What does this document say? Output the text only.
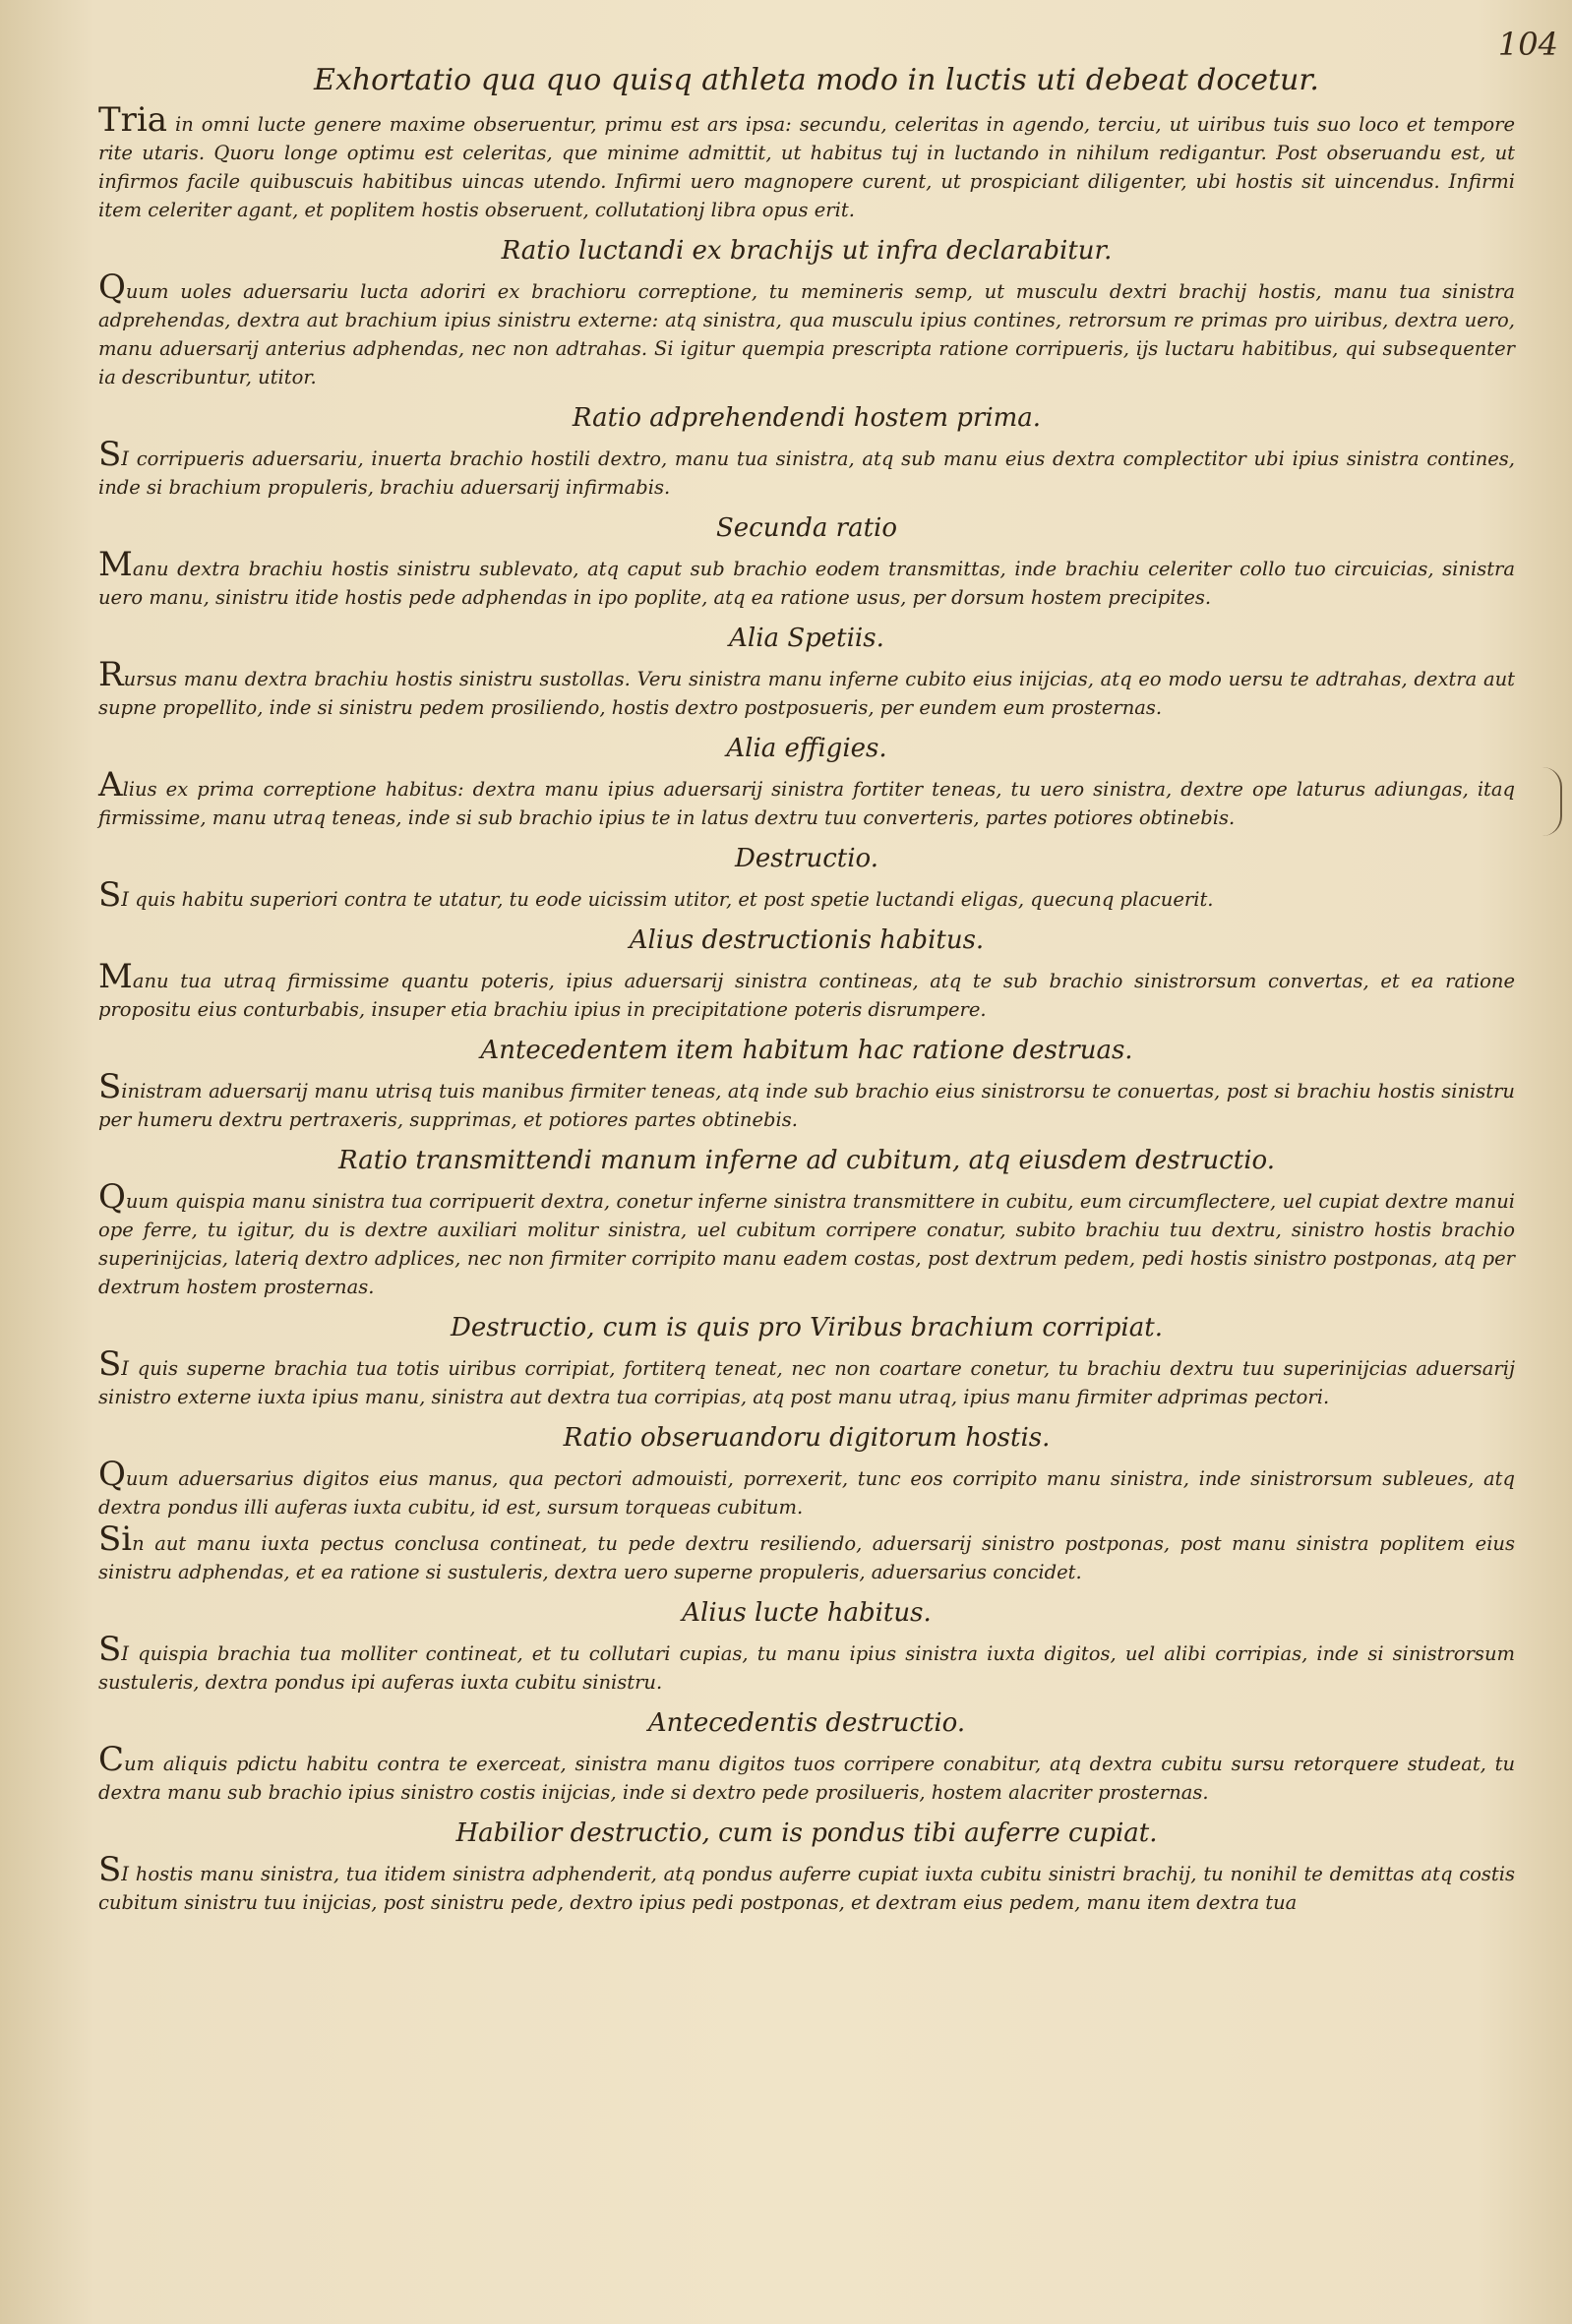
104
Exhortatio qua quo quisq athleta modo in luctis uti debeat docetur.

Tria in omni lucte genere maxime obseruentur, primu est ars ipsa: secundu, celeritas in agendo, terciu, ut uiribus tuis suo loco et tempore rite utaris. Quoru longe optimu est celeritas, que minime admittit, ut habitus tuj in luctando in nihilum redigantur. Post obseruandu est, ut infirmos facile quibuscuis habitibus uincas utendo. Infirmi uero magnopere curent, ut prospiciant diligenter, ubi hostis sit uincendus. Infirmi item celeriter agant, et poplitem hostis obseruent, collutationj libra opus erit.

Ratio luctandi ex brachijs ut infra declarabitur.

Quum uoles aduersariu lucta adoriri ex brachioru correptione, tu memineris semp, ut musculu dextri brachij hostis, manu tua sinistra adprehendas, dextra aut brachium ipius sinistru externe: atq sinistra, qua musculu ipius contines, retrorsum re primas pro uiribus, dextra uero, manu aduersarij anterius adphendas, nec non adtrahas. Si igitur quempia prescripta ratione corripueris, ijs luctaru habitibus, qui subsequenter ia describuntur, utitor.

Ratio adprehendendi hostem prima.

SI corripueris aduersariu, inuerta brachio hostili dextro, manu tua sinistra, atq sub manu eius dextra complectitor ubi ipius sinistra contines, inde si brachium propuleris, brachiu aduersarij infirmabis.

Secunda ratio

Manu dextra brachiu hostis sinistru sublevato, atq caput sub brachio eodem transmittas, inde brachiu celeriter collo tuo circuicias, sinistra uero manu, sinistru itide hostis pede adphendas in ipo poplite, atq ea ratione usus, per dorsum hostem precipites.

Alia Spetiis.

Rursus manu dextra brachiu hostis sinistru sustollas. Veru sinistra manu inferne cubito eius inijcias, atq eo modo uersu te adtrahas, dextra aut supne propellito, inde si sinistru pedem prosiliendo, hostis dextro postposueris, per eundem eum prosternas.

Alia effigies.

Alius ex prima correptione habitus: dextra manu ipius aduersarij sinistra fortiter teneas, tu uero sinistra, dextre ope laturus adiungas, itaq firmissime, manu utraq teneas, inde si sub brachio ipius te in latus dextru tuu converteris, partes potiores obtinebis.

Destructio.

SI quis habitu superiori contra te utatur, tu eode uicissim utitor, et post spetie luctandi eligas, quecunq placuerit.

Alius destructionis habitus.

Manu tua utraq firmissime quantu poteris, ipius aduersarij sinistra contineas, atq te sub brachio sinistrorsum convertas, et ea ratione propositu eius conturbabis, insuper etia brachiu ipius in precipitatione poteris disrumpere.

Antecedentem item habitum hac ratione destruas.

Sinistram aduersarij manu utrisq tuis manibus firmiter teneas, atq inde sub brachio eius sinistrorsu te conuertas, post si brachiu hostis sinistru per humeru dextru pertraxeris, supprimas, et potiores partes obtinebis.

Ratio transmittendi manum inferne ad cubitum, atq eiusdem destructio.

Quum quispia manu sinistra tua corripuerit dextra, conetur inferne sinistra transmittere in cubitu, eum circumflectere, uel cupiat dextre manui ope ferre, tu igitur, du is dextre auxiliari molitur sinistra, uel cubitum corripere conatur, subito brachiu tuu dextru, sinistro hostis brachio superinijcias, lateriq dextro adplices, nec non firmiter corripito manu eadem costas, post dextrum pedem, pedi hostis sinistro postponas, atq per dextrum hostem prosternas.

Destructio, cum is quis pro Viribus brachium corripiat.

SI quis superne brachia tua totis uiribus corripiat, fortiterq teneat, nec non coartare conetur, tu brachiu dextru tuu superinijcias aduersarij sinistro externe iuxta ipius manu, sinistra aut dextra tua corripias, atq post manu utraq, ipius manu firmiter adprimas pectori.

Ratio obseruandoru digitorum hostis.

Quum aduersarius digitos eius manus, qua pectori admouisti, porrexerit, tunc eos corripito manu sinistra, inde sinistrorsum subleues, atq dextra pondus illi auferas iuxta cubitu, id est, sursum torqueas cubitum.

Sin aut manu iuxta pectus conclusa contineat, tu pede dextru resiliendo, aduersarij sinistro postponas, post manu sinistra poplitem eius sinistru adphendas, et ea ratione si sustuleris, dextra uero superne propuleris, aduersarius concidet.

Alius lucte habitus.

SI quispia brachia tua molliter contineat, et tu collutari cupias, tu manu ipius sinistra iuxta digitos, uel alibi corripias, inde si sinistrorsum sustuleris, dextra pondus ipi auferas iuxta cubitu sinistru.

Antecedentis destructio.

Cum aliquis pdictu habitu contra te exerceat, sinistra manu digitos tuos corripere conabitur, atq dextra cubitu sursu retorquere studeat, tu dextra manu sub brachio ipius sinistro costis inijcias, inde si dextro pede prosilueris, hostem alacriter prosternas.

Habilior destructio, cum is pondus tibi auferre cupiat.

SI hostis manu sinistra, tua itidem sinistra adphenderit, atq pondus auferre cupiat iuxta cubitu sinistri brachij, tu nonihil te demittas atq costis cubitum sinistru tuu inijcias, post sinistru pede, dextro ipius pedi postponas, et dextram eius pedem, manu item dextra tua
